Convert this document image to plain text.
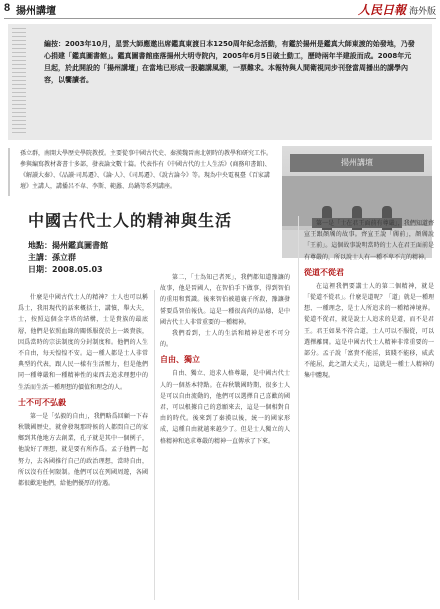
8 揚州講壇	人民日報 海外版
編按：2003年10月，星雲大師應邀出席鑑真東渡日本1250周年紀念活動，有鑑於揚州是鑑真大師東渡的始發地，乃發心捐建「鑑真圖書館」。鑑真圖書館座落揚州大明寺院內，2005年6月5日破土動工，歷時兩年半建設而成。2008年元旦起，於此開設的「揚州講壇」在當地已形成一股聽講風潮，一票難求。本報特與人間衛視同步刊登當周播出的講學內容，以饗讀者。
孫立群，南開大學歷史學院教授。主要從事中國古代史、秦漢魏晉南北朝時的教學和研究工作。參與編寫教材著書十多部，發表論文數十篇。代表作有《中國古代的士人生活》(商務印書館)、《解讀大秦》、《品讀·司馬遷》、《論·人》、《司馬遷》、《說古論今》等。現為中央電視臺《百家講壇》主講人，講播呂不韋、李斯、範蠡、烏鍋等系列講座。
揚州講壇
中國古代士人的精神與生活
地點：揚州鑑真圖書館
主講：孫立群
日期：2008.05.03

什麼是中國古代士人的精神？士人也可以稱爲士，我用現代的話來概括士，講憤，舉大夫，士，按照這個金字塔的結構，士是貴族的最底層，他們是依照血緣的關係服從於上一級貴族，因爲當時的宗法制度的分封制度和。他們的人生不自由，每天惶惶不安。這一種人都是士人非常典型的代表，跟人民一樣有生活壓力，但是他們同一種尊嚴和一種精神性的東西去追求理想中的生活而生活一種理想的價值和理念的人。

士不可不弘毅

第一是「弘毅的自由」，我們略爲回顧一下春秋戰國歷史，就會發現那時候的人都問自己的家鄉到其他地方去創業，孔子就是其中一個例子，他說好了理想，就是要有所作爲。孟子他們一起努力，去各國推行自己的政治理想，當時自由，所以沒有任何限制。他們可以在列國周遊，各國都很歡迎他們，給他們優厚的待遇。

第二，「士為知己者死」，我們都知道豫讓的故事，他是晉國人，在智伯手下做事，得到智伯的重用和賞識。後來智伯被趙襄子所殺，豫讓發誓要爲智伯報仇。這是一種很高尚的品德，是中國古代士人非常重要的一種精神。

我們看到，士人的生活和精神是密不可分的。

自由、獨立

自由、獨立、追求人格尊嚴，是中國古代士人的一個基本特點。在春秋戰國時期，很多士人是可以自由流動的，他們可以選擇自己喜歡的國君，可以根據自己的意願來去，這是一個相對自由的時代。後來到了秦漢以後，統一的國家形成，這種自由就越來越少了。但是士人獨立的人格精神和追求尊嚴的精神一直傳承了下來。

第一是「士在君王面前有尊嚴」，我們知道齊宣王跟顏斶的故事。齊宣王說「斶前」，顏斶說「王前」。這個故事說明當時的士人在君王面前是有尊嚴的，所以說士人有一種不卑不亢的精神。

從道不從君

在這裡我們要講士人的第二個精神，就是「從道不從君」。什麼是道呢？「道」就是一種理想、一種理念，是士人所追求的一種精神境界。從道不從君，就是說士人追求的是道，而不是君王。君王如果不符合道，士人可以不服從，可以選擇離開。這是中國古代士人精神非常重要的一部分。孟子說「富貴不能淫，貧賤不能移，威武不能屈，此之謂大丈夫」，這就是一種士人精神的集中體現。
